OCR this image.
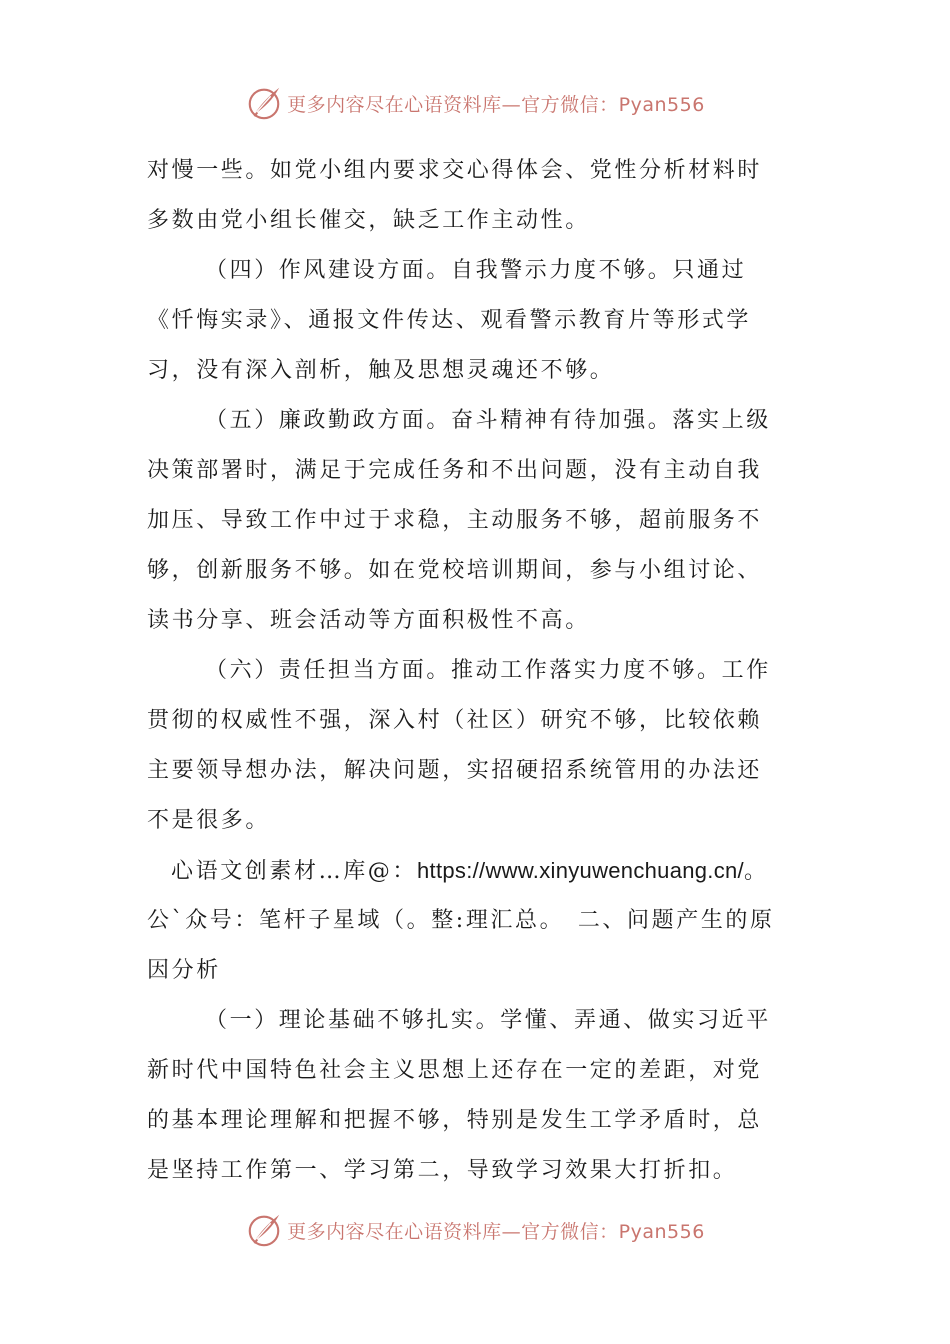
更多内容尽在心语资料库—官方微信：Pyan556
对慢一些。如党小组内要求交心得体会、党性分析材料时
多数由党小组长催交，缺乏工作主动性。
（四）作风建设方面。自我警示力度不够。只通过
《忏悔实录》、通报文件传达、观看警示教育片等形式学
习，没有深入剖析，触及思想灵魂还不够。
（五）廉政勤政方面。奋斗精神有待加强。落实上级
决策部署时，满足于完成任务和不出问题，没有主动自我
加压、导致工作中过于求稳，主动服务不够，超前服务不
够，创新服务不够。如在党校培训期间，参与小组讨论、
读书分享、班会活动等方面积极性不高。
（六）责任担当方面。推动工作落实力度不够。工作
贯彻的权威性不强，深入村（社区）研究不够，比较依赖
主要领导想办法，解决问题，实招硬招系统管用的办法还
不是很多。
心语文创素材…库@：https://www.xinyuwenchuang.cn/。
公`众号：笔杆子星域（。整:理汇总。　二、问题产生的原
因分析
（一）理论基础不够扎实。学懂、弄通、做实习近平
新时代中国特色社会主义思想上还存在一定的差距，对党
的基本理论理解和把握不够，特别是发生工学矛盾时，总
是坚持工作第一、学习第二，导致学习效果大打折扣。
更多内容尽在心语资料库—官方微信：Pyan556
